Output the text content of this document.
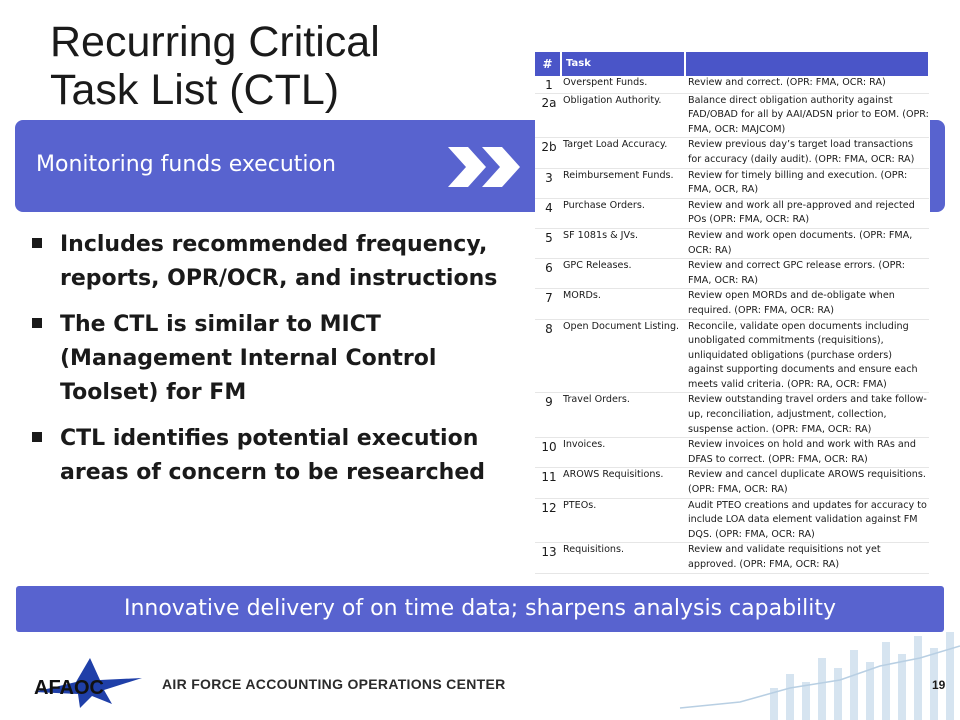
Recurring Critical
Task List (CTL)
Monitoring funds execution
Includes recommended frequency, reports, OPR/OCR, and instructions
The CTL is similar to MICT (Management Internal Control Toolset) for FM
CTL identifies potential execution areas of concern to be researched
#	Task	
1	Overspent Funds.	Review and correct. (OPR: FMA, OCR: RA)
2a	Obligation Authority.	Balance direct obligation authority against FAD/OBAD for all by AAI/ADSN prior to EOM. (OPR: FMA, OCR: MAJCOM)
2b	Target Load Accuracy.	Review previous day’s target load transactions for accuracy (daily audit). (OPR: FMA, OCR: RA)
3	Reimbursement Funds.	Review for timely billing and execution. (OPR: FMA, OCR, RA)
4	Purchase Orders.	Review and work all pre-approved and rejected POs (OPR: FMA, OCR: RA)
5	SF 1081s & JVs.	Review and work open documents. (OPR: FMA, OCR: RA)
6	GPC Releases.	Review and correct GPC release errors. (OPR: FMA, OCR: RA)
7	MORDs.	Review open MORDs and de-obligate when required. (OPR: FMA, OCR: RA)
8	Open Document Listing.	Reconcile, validate open documents including unobligated commitments (requisitions), unliquidated obligations (purchase orders) against supporting documents and ensure each meets valid criteria. (OPR: RA, OCR: FMA)
9	Travel Orders.	Review outstanding travel orders and take follow-up, reconciliation, adjustment, collection, suspense action. (OPR: FMA, OCR: RA)
10	Invoices.	Review invoices on hold and work with RAs and DFAS to correct. (OPR: FMA, OCR: RA)
11	AROWS Requisitions.	Review and cancel duplicate AROWS requisitions. (OPR: FMA, OCR: RA)
12	PTEOs.	Audit PTEO creations and updates for accuracy to include LOA data element validation against FM DQS. (OPR: FMA, OCR: RA)
13	Requisitions.	Review and validate requisitions not yet approved. (OPR: FMA, OCR: RA)
Innovative delivery of on time data; sharpens analysis capability
AFAOC	AIR FORCE ACCOUNTING OPERATIONS CENTER	19
